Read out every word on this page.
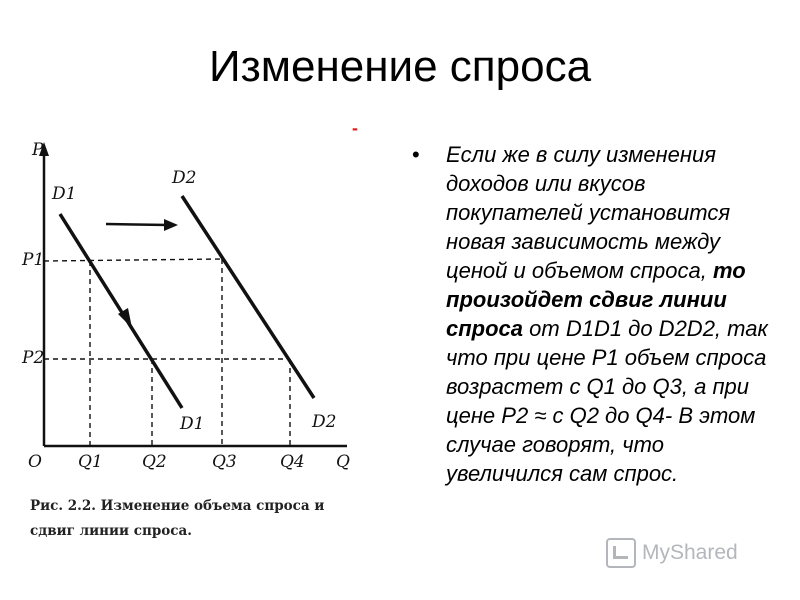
Изменение спроса
-
P
Q
O
P1
P2
Q1 Q2	Q3	Q4
D1
D1
D2
D2
Рис. 2.2. Изменение объема спроса и сдвиг линии спроса.
•	Если же в силу изменения доходов или вкусов покупателей установится новая зависимость между ценой и объемом спроса, то произойдет сдвиг линии спроса от D1D1 до D2D2, так что при цене P1 объем спроса возрастет с Q1 до Q3, а при цене P2 ≈ с Q2 до Q4- В этом случае говорят, что увеличился сам спрос.
MyShared
